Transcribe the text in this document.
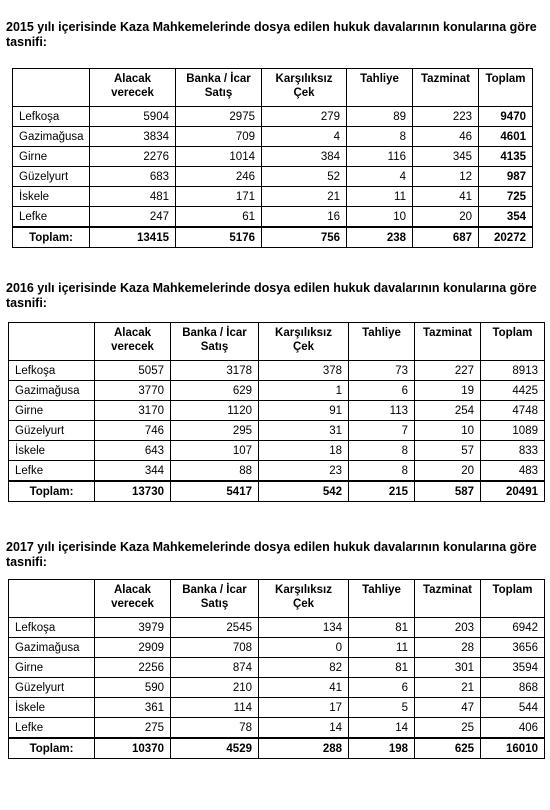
2015 yılı içerisinde Kaza Mahkemelerinde dosya edilen hukuk davalarının konularına göre
tasnifi:
	Alacak verecek	Banka / İcar Satış	Karşılıksız Çek	Tahliye	Tazminat	Toplam
Lefkoşa	5904	2975	279	89	223	9470
Gazimağusa	3834	709	4	8	46	4601
Girne	2276	1014	384	116	345	4135
Güzelyurt	683	246	52	4	12	987
İskele	481	171	21	11	41	725
Lefke	247	61	16	10	20	354
Toplam:	13415	5176	756	238	687	20272
2016 yılı içerisinde Kaza Mahkemelerinde dosya edilen hukuk davalarının konularına göre
tasnifi:
	Alacak verecek	Banka / İcar Satış	Karşılıksız Çek	Tahliye	Tazminat	Toplam
Lefkoşa	5057	3178	378	73	227	8913
Gazimağusa	3770	629	1	6	19	4425
Girne	3170	1120	91	113	254	4748
Güzelyurt	746	295	31	7	10	1089
İskele	643	107	18	8	57	833
Lefke	344	88	23	8	20	483
Toplam:	13730	5417	542	215	587	20491
2017 yılı içerisinde Kaza Mahkemelerinde dosya edilen hukuk davalarının konularına göre
tasnifi:
	Alacak verecek	Banka / İcar Satış	Karşılıksız Çek	Tahliye	Tazminat	Toplam
Lefkoşa	3979	2545	134	81	203	6942
Gazimağusa	2909	708	0	11	28	3656
Girne	2256	874	82	81	301	3594
Güzelyurt	590	210	41	6	21	868
İskele	361	114	17	5	47	544
Lefke	275	78	14	14	25	406
Toplam:	10370	4529	288	198	625	16010
